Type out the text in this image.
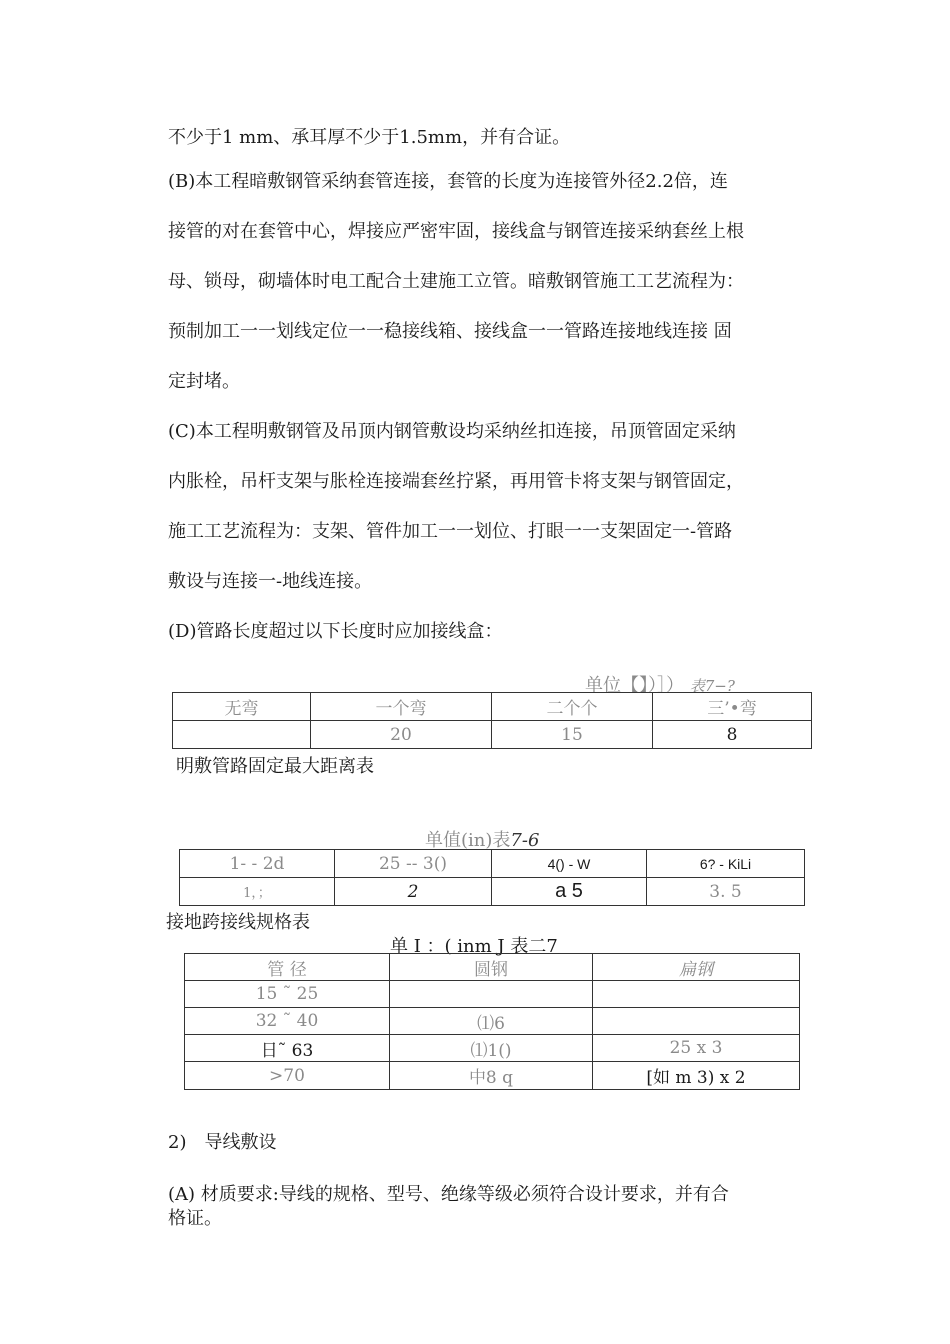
不少于1 mm、承耳厚不少于1.5mm，并有合证。
(B)本工程暗敷钢管采纳套管连接，套管的长度为连接管外径2.2倍，连
接管的对在套管中心，焊接应严密牢固，接线盒与钢管连接采纳套丝上根
母、锁母，砌墙体时电工配合土建施工立管。暗敷钢管施工工艺流程为：
预制加工一一划线定位一一稳接线箱、接线盒一一管路连接地线连接 固
定封堵。
(C)本工程明敷钢管及吊顶内钢管敷设均采纳丝扣连接，吊顶管固定采纳
内胀栓，吊杆支架与胀栓连接端套丝拧紧，再用管卡将支架与钢管固定，
施工工艺流程为：支架、管件加工一一划位、打眼一一支架固定一-管路
敷设与连接一-地线连接。
(D)管路长度超过以下长度时应加接线盒：
单位【】）］） 表7−?
无弯	一个弯	二个个	三’•弯
	20	15	8
明敷管路固定最大距离表
单值(in)表7-6
1- - 2d	25 -- 3()	4() - W	6? - KiLi
1，；	2	a 5	3. 5
接地跨接线规格表
单 I ：( inm J 表二7
管 径	圆钢	扁钢
15 ˜ 25		
32 ˜ 40	⑴6	
日˜ 63	⑴1()	25 x 3
>70	中8 q	[如 m 3) x 2
2)　导线敷设
(A) 材质要求:导线的规格、型号、绝缘等级必须符合设计要求，并有合
格证。
